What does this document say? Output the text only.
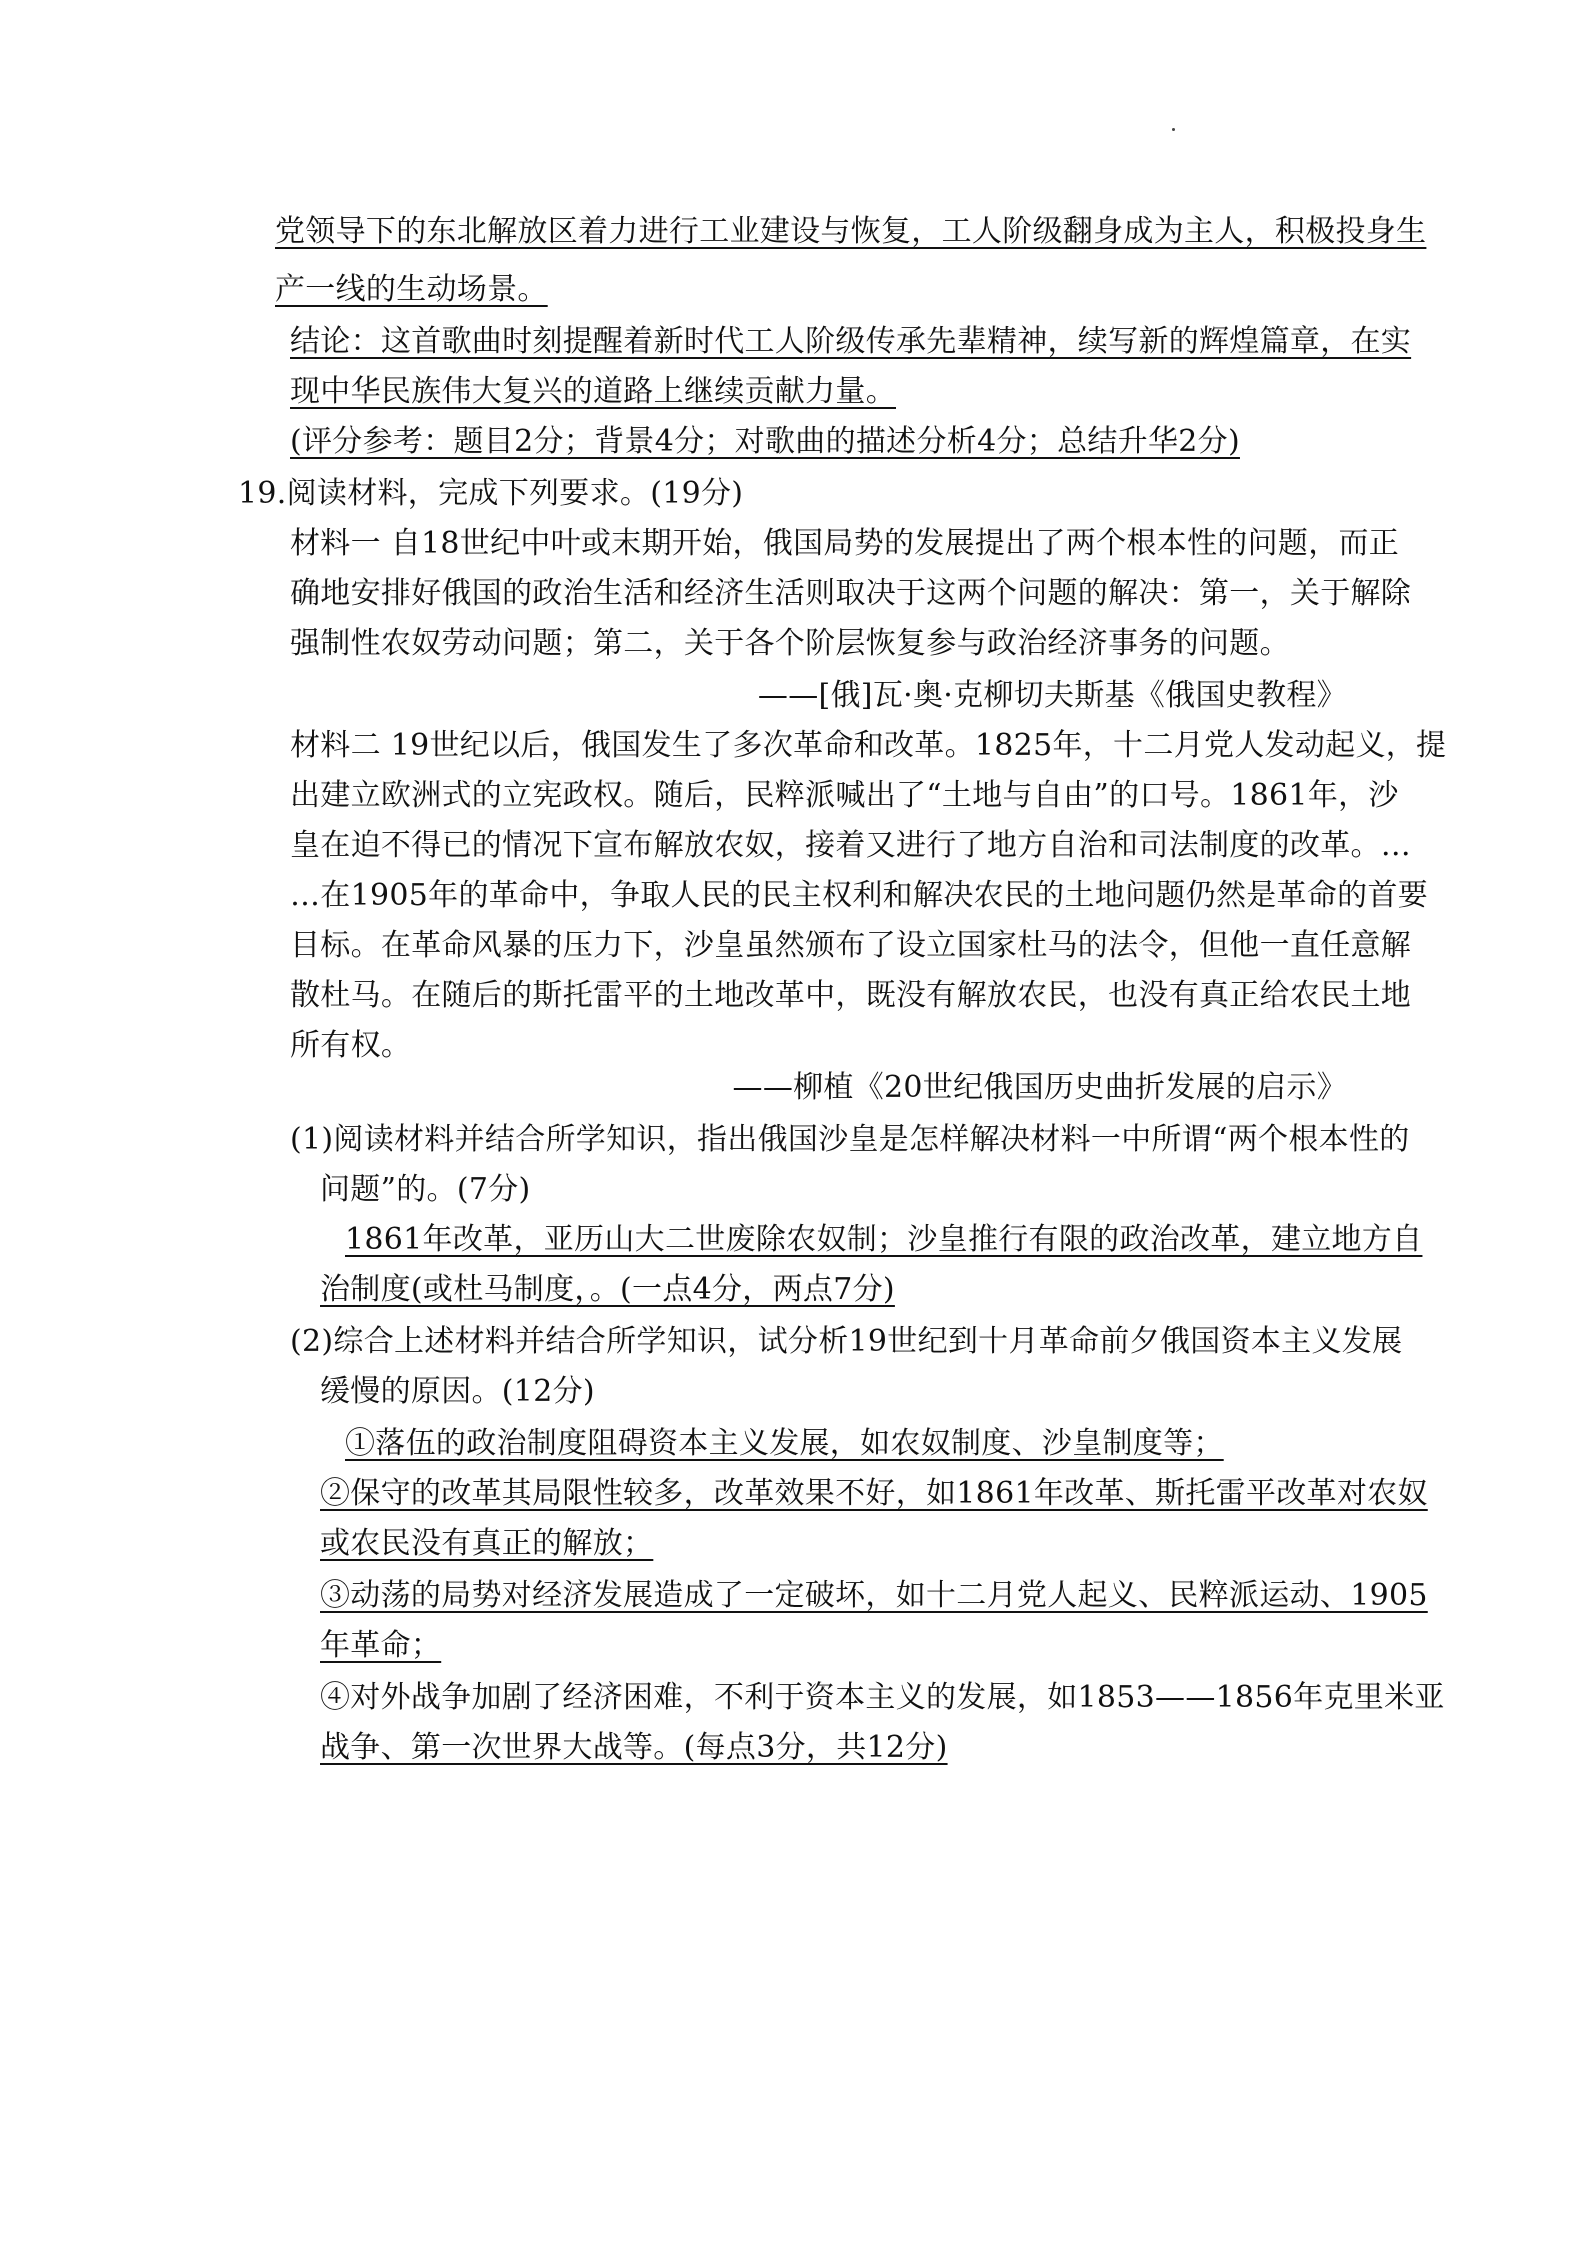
党领导下的东北解放区着力进行工业建设与恢复，工人阶级翻身成为主人，积极投身生
产一线的生动场景。
结论：这首歌曲时刻提醒着新时代工人阶级传承先辈精神，续写新的辉煌篇章，在实
现中华民族伟大复兴的道路上继续贡献力量。
(评分参考：题目2分；背景4分；对歌曲的描述分析4分；总结升华2分)
19.阅读材料，完成下列要求。(19分)
材料一 自18世纪中叶或末期开始，俄国局势的发展提出了两个根本性的问题，而正
确地安排好俄国的政治生活和经济生活则取决于这两个问题的解决：第一，关于解除
强制性农奴劳动问题；第二，关于各个阶层恢复参与政治经济事务的问题。
——[俄]瓦·奥·克柳切夫斯基《俄国史教程》
材料二 19世纪以后，俄国发生了多次革命和改革。1825年，十二月党人发动起义，提
出建立欧洲式的立宪政权。随后，民粹派喊出了“土地与自由”的口号。1861年，沙
皇在迫不得已的情况下宣布解放农奴，接着又进行了地方自治和司法制度的改革。…
…在1905年的革命中，争取人民的民主权利和解决农民的土地问题仍然是革命的首要
目标。在革命风暴的压力下，沙皇虽然颁布了设立国家杜马的法令，但他一直任意解
散杜马。在随后的斯托雷平的土地改革中，既没有解放农民，也没有真正给农民土地
所有权。
——柳植《20世纪俄国历史曲折发展的启示》
(1)阅读材料并结合所学知识，指出俄国沙皇是怎样解决材料一中所谓“两个根本性的
问题”的。(7分)
1861年改革，亚历山大二世废除农奴制；沙皇推行有限的政治改革，建立地方自
治制度(或杜马制度，。(一点4分，两点7分)
(2)综合上述材料并结合所学知识，试分析19世纪到十月革命前夕俄国资本主义发展
缓慢的原因。(12分)
①落伍的政治制度阻碍资本主义发展，如农奴制度、沙皇制度等；
②保守的改革其局限性较多，改革效果不好，如1861年改革、斯托雷平改革对农奴
或农民没有真正的解放；
③动荡的局势对经济发展造成了一定破坏，如十二月党人起义、民粹派运动、1905
年革命；
④对外战争加剧了经济困难，不利于资本主义的发展，如1853——1856年克里米亚
战争、第一次世界大战等。(每点3分，共12分)
